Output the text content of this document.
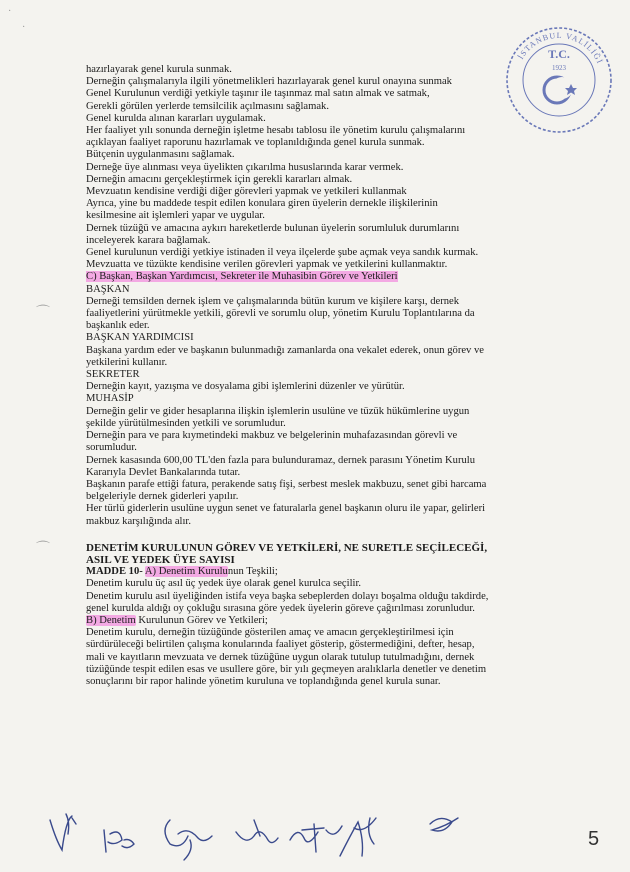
·
·
İSTANBUL VALİLİĞİ
T.C.
1923

hazırlayarak genel kurula sunmak.

Derneğin çalışmalarıyla ilgili yönetmelikleri hazırlayarak genel kurul onayına sunmak

Genel Kurulunun verdiği yetkiyle taşınır ile taşınmaz mal satın almak ve satmak,

Gerekli görülen yerlerde temsilcilik açılmasını sağlamak.

Genel kurulda alınan kararları uygulamak.

Her faaliyet yılı sonunda derneğin işletme hesabı tablosu ile yönetim kurulu çalışmalarını

açıklayan faaliyet raporunu hazırlamak ve toplanıldığında genel kurula sunmak.

Bütçenin uygulanmasını sağlamak.

Derneğe üye alınması veya üyelikten çıkarılma hususlarında karar vermek.

Derneğin amacını gerçekleştirmek için gerekli kararları almak.

Mevzuatın kendisine verdiği diğer görevleri yapmak ve yetkileri kullanmak

Ayrıca, yine bu maddede tespit edilen konulara giren üyelerin dernekle ilişkilerinin

kesilmesine ait işlemleri yapar ve uygular.

Dernek tüzüğü ve amacına aykırı hareketlerde bulunan üyelerin sorumluluk durumlarını

inceleyerek karara bağlamak.

Genel kurulunun verdiği yetkiye istinaden il veya ilçelerde şube açmak veya sandık kurmak.

Mevzuatta ve tüzükte kendisine verilen görevleri yapmak ve yetkilerini kullanmaktır.

C) Başkan, Başkan Yardımcısı, Sekreter ile Muhasibin Görev ve Yetkileri

BAŞKAN

Derneği temsilden dernek işlem ve çalışmalarında bütün kurum ve kişilere karşı, dernek

faaliyetlerini yürütmekle yetkili, görevli ve sorumlu olup, yönetim Kurulu Toplantılarına da

başkanlık eder.

BAŞKAN YARDIMCISI

Başkana yardım eder ve başkanın bulunmadığı zamanlarda ona vekalet ederek, onun görev ve

yetkilerini kullanır.

SEKRETER

Derneğin kayıt, yazışma ve dosyalama gibi işlemlerini düzenler ve yürütür.

MUHASİP

Derneğin gelir ve gider hesaplarına ilişkin işlemlerin usulüne ve tüzük hükümlerine uygun

şekilde yürütülmesinden yetkili ve sorumludur.

Derneğin para ve para kıymetindeki makbuz ve belgelerinin muhafazasından görevli ve

sorumludur.

Dernek kasasında 600,00 TL'den fazla para bulunduramaz, dernek parasını Yönetim Kurulu

Kararıyla Devlet Bankalarında tutar.

Başkanın parafe ettiği fatura, perakende satış fişi, serbest meslek makbuzu, senet gibi harcama

belgeleriyle dernek giderleri yapılır.

Her türlü giderlerin usulüne uygun senet ve faturalarla genel başkanın oluru ile yapar, gelirleri

makbuz karşılığında alır.

DENETİM KURULUNUN GÖREV VE YETKİLERİ, NE SURETLE SEÇİLECEĞİ,

ASIL VE YEDEK ÜYE SAYISI

MADDE 10- A) Denetim Kurulunun Teşkili;

Denetim kurulu üç asıl üç yedek üye olarak genel kurulca seçilir.

Denetim kurulu asıl üyeliğinden istifa veya başka sebeplerden dolayı boşalma olduğu takdirde,

genel kurulda aldığı oy çokluğu sırasına göre yedek üyelerin göreve çağırılması zorunludur.

B) Denetim Kurulunun Görev ve Yetkileri;

Denetim kurulu, derneğin tüzüğünde gösterilen amaç ve amacın gerçekleştirilmesi için

sürdürüleceği belirtilen çalışma konularında faaliyet gösterip, göstermediğini, defter, hesap,

mali ve kayıtların mevzuata ve dernek tüzüğüne uygun olarak tutulup tutulmadığını, dernek

tüzüğünde tespit edilen esas ve usullere göre, bir yılı geçmeyen aralıklarla denetler ve denetim

sonuçlarını bir rapor halinde yönetim kuruluna ve toplandığında genel kurula sunar.

⌒
⌒
5
